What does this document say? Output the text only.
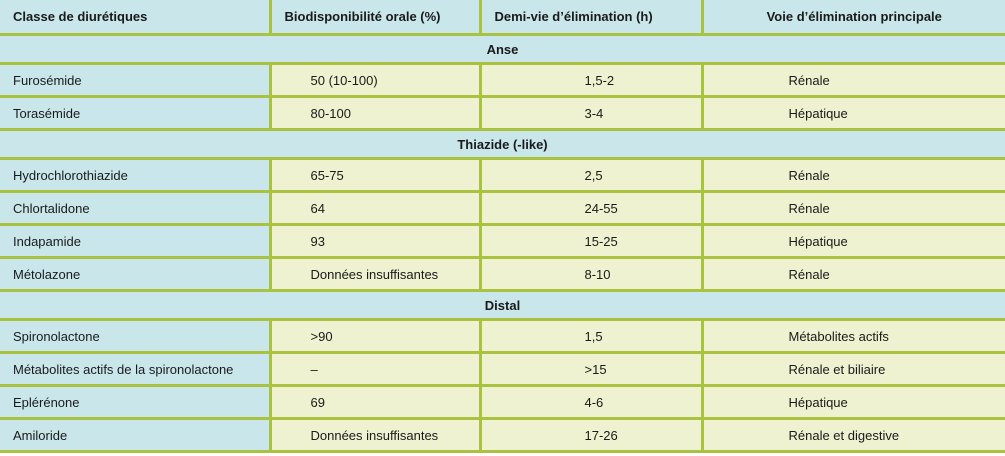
Classe de diurétiques	Biodisponibilité orale (%)	Demi-vie d’élimination (h)	Voie d’élimination principale
Anse			
Furosémide	50 (10-100)	1,5-2	Rénale
Torasémide	80-100	3-4	Hépatique
Thiazide (-like)			
Hydrochlorothiazide	65-75	2,5	Rénale
Chlortalidone	64	24-55	Rénale
Indapamide	93	15-25	Hépatique
Métolazone	Données insuffisantes	8-10	Rénale
Distal			
Spironolactone	>90	1,5	Métabolites actifs
Métabolites actifs de la spironolactone	–	>15	Rénale et biliaire
Eplérénone	69	4-6	Hépatique
Amiloride	Données insuffisantes	17-26	Rénale et digestive
